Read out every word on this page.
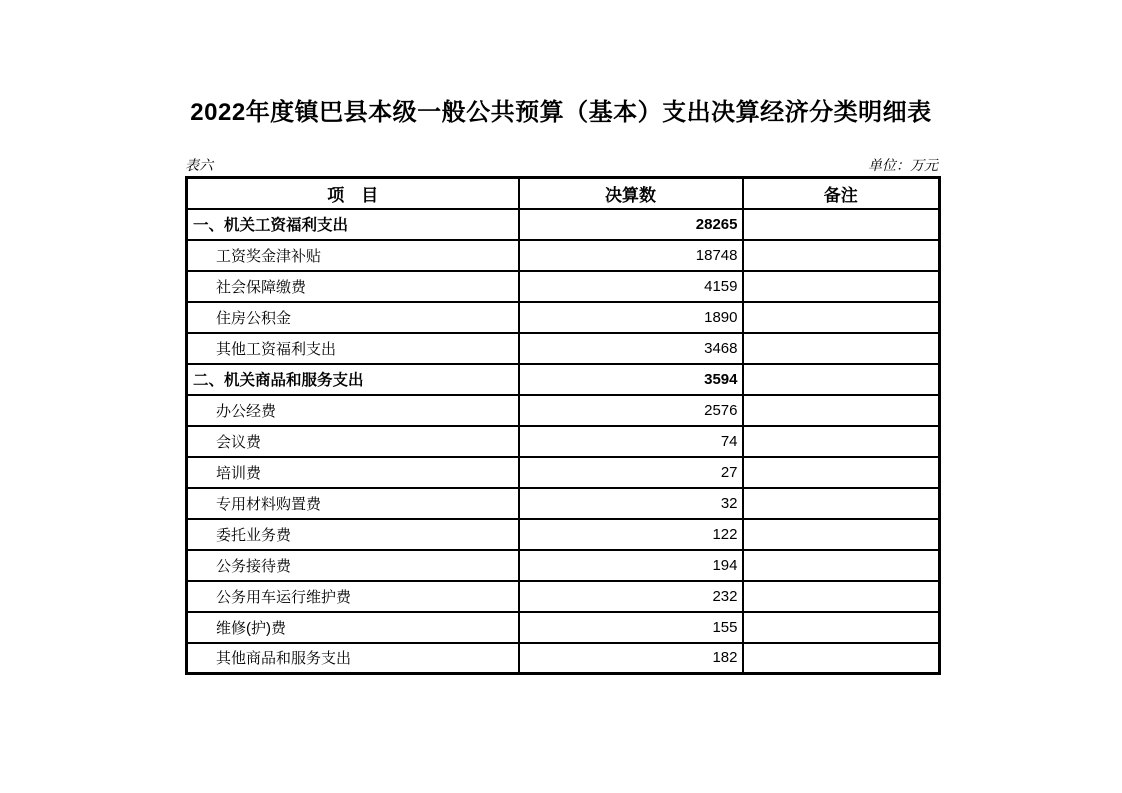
2022年度镇巴县本级一般公共预算（基本）支出决算经济分类明细表
表六	单位：万元
项　目	决算数	备注
一、机关工资福利支出	28265	
工资奖金津补贴	18748	
社会保障缴费	4159	
住房公积金	1890	
其他工资福利支出	3468	
二、机关商品和服务支出	3594	
办公经费	2576	
会议费	74	
培训费	27	
专用材料购置费	32	
委托业务费	122	
公务接待费	194	
公务用车运行维护费	232	
维修(护)费	155	
其他商品和服务支出	182	
